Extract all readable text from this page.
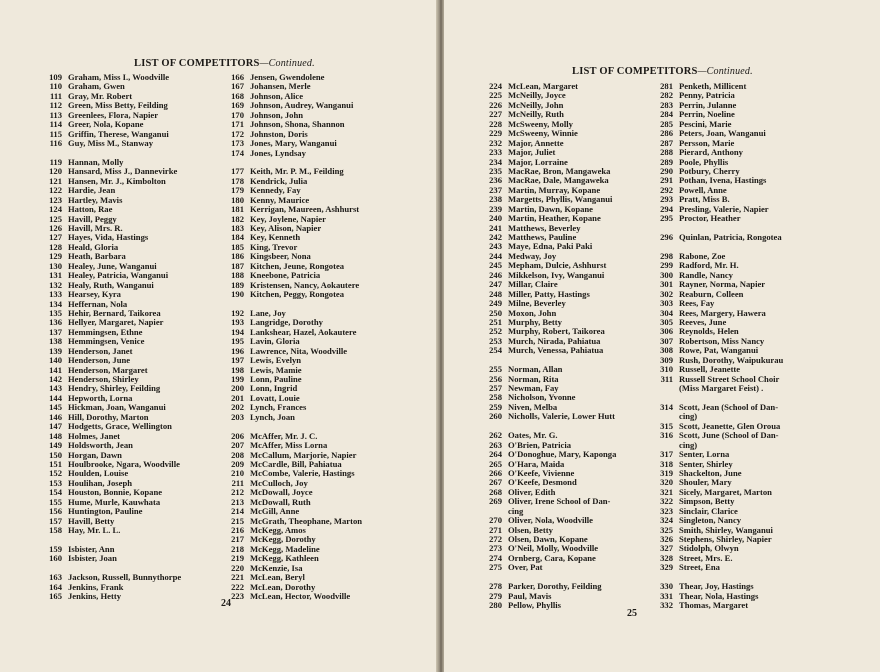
LIST OF COMPETITORS—Continued.
109 Graham, Miss I., Woodville
110 Graham, Gwen
111 Gray, Mr. Robert
112 Green, Miss Betty, Feilding
113 Greenlees, Flora, Napier
114 Greer, Nola, Kopane
115 Griffin, Therese, Wanganui
116 Guy, Miss M., Stanway
119 Hannan, Molly
120 Hansard, Miss J., Dannevirke
121 Hansen, Mr. J., Kimbolton
122 Hardie, Jean
123 Hartley, Mavis
124 Hatton, Rae
125 Havill, Peggy
126 Havill, Mrs. R.
127 Hayes, Vida, Hastings
128 Heald, Gloria
129 Heath, Barbara
130 Healey, June, Wanganui
131 Healey, Patricia, Wanganui
132 Healy, Ruth, Wanganui
133 Hearsey, Kyra
134 Heffernan, Nola
135 Hehir, Bernard, Taikorea
136 Hellyer, Margaret, Napier
137 Hemmingsen, Ethne
138 Hemmingsen, Venice
139 Henderson, Janet
140 Henderson, June
141 Henderson, Margaret
142 Henderson, Shirley
143 Hendry, Shirley, Feilding
144 Hepworth, Lorna
145 Hickman, Joan, Wanganui
146 Hill, Dorothy, Marton
147 Hodgetts, Grace, Wellington
148 Holmes, Janet
149 Holdsworth, Jean
150 Horgan, Dawn
151 Houlbrooke, Ngara, Woodville
152 Houlden, Louise
153 Houlihan, Joseph
154 Houston, Bonnie, Kopane
155 Hume, Murle, Kauwhata
156 Huntington, Pauline
157 Havill, Betty
158 Hay, Mr. L. L.
159 Isbister, Ann
160 Isbister, Joan
163 Jackson, Russell, Bunnythorpe
164 Jenkins, Frank
165 Jenkins, Hetty
166 Jensen, Gwendolene
167 Johansen, Merle
168 Johnson, Alice
169 Johnson, Audrey, Wanganui
170 Johnson, John
171 Johnson, Shona, Shannon
172 Johnston, Doris
173 Jones, Mary, Wanganui
174 Jones, Lyndsay
177 Keith, Mr. P. M., Feilding
178 Kendrick, Julia
179 Kennedy, Fay
180 Kenny, Maurice
181 Kerrigan, Maureen, Ashhurst
182 Key, Joylene, Napier
183 Key, Alison, Napier
184 Key, Kenneth
185 King, Trevor
186 Kingsbeer, Nona
187 Kitchen, Jeune, Rongotea
188 Kneebone, Patricia
189 Kristensen, Nancy, Aokautere
190 Kitchen, Peggy, Rongotea
192 Lane, Joy
193 Langridge, Dorothy
194 Lankshear, Hazel, Aokautere
195 Lavin, Gloria
196 Lawrence, Nita, Woodville
197 Lewis, Evelyn
198 Lewis, Mamie
199 Lonn, Pauline
200 Lonn, Ingrid
201 Lovatt, Louie
202 Lynch, Frances
203 Lynch, Joan
206 McAffer, Mr. J. C.
207 McAffer, Miss Lorna
208 McCallum, Marjorie, Napier
209 McCardle, Bill, Pahiatua
210 McCombe, Valerie, Hastings
211 McCulloch, Joy
212 McDowall, Joyce
213 McDowall, Ruth
214 McGill, Anne
215 McGrath, Theophane, Marton
216 McKegg, Amos
217 McKegg, Dorothy
218 McKegg, Madeline
219 McKegg, Kathleen
220 McKenzie, Isa
221 McLean, Beryl
222 McLean, Dorothy
223 McLean, Hector, Woodville
24
LIST OF COMPETITORS—Continued.
224 McLean, Margaret
225 McNeilly, Joyce
226 McNeilly, John
227 McNeilly, Ruth
228 McSweeny, Molly
229 McSweeny, Winnie
232 Major, Annette
233 Major, Juliet
234 Major, Lorraine
235 MacRae, Bron, Mangaweka
236 MacRae, Dale, Mangaweka
237 Martin, Murray, Kopane
238 Margetts, Phyllis, Wanganui
239 Martin, Dawn, Kopane
240 Martin, Heather, Kopane
241 Matthews, Beverley
242 Matthews, Pauline
243 Maye, Edna, Paki Paki
244 Medway, Joy
245 Mepham, Dulcie, Ashhurst
246 Mikkelson, Ivy, Wanganui
247 Millar, Claire
248 Miller, Patty, Hastings
249 Milne, Beverley
250 Moxon, John
251 Murphy, Betty
252 Murphy, Robert, Taikorea
253 Murch, Nirada, Pahiatua
254 Murch, Venessa, Pahiatua
255 Norman, Allan
256 Norman, Rita
257 Newman, Fay
258 Nicholson, Yvonne
259 Niven, Melba
260 Nicholls, Valerie, Lower Hutt
262 Oates, Mr. G.
263 O'Brien, Patricia
264 O'Donoghue, Mary, Kaponga
265 O'Hara, Maida
266 O'Keefe, Vivienne
267 O'Keefe, Desmond
268 Oliver, Edith
269 Oliver, Irene School of Dan-
cing
270 Oliver, Nola, Woodville
271 Olsen, Betty
272 Olsen, Dawn, Kopane
273 O'Neil, Molly, Woodville
274 Ornberg, Cara, Kopane
275 Over, Pat
278 Parker, Dorothy, Feilding
279 Paul, Mavis
280 Pellow, Phyllis
281 Penketh, Millicent
282 Penny, Patricia
283 Perrin, Julanne
284 Perrin, Noeline
285 Pescini, Marie
286 Peters, Joan, Wanganui
287 Persson, Marie
288 Pierard, Anthony
289 Poole, Phyllis
290 Potbury, Cherry
291 Pothan, Ivena, Hastings
292 Powell, Anne
293 Pratt, Miss B.
294 Presling, Valerie, Napier
295 Proctor, Heather
296 Quinlan, Patricia, Rongotea
298 Rabone, Zoe
299 Radford, Mr. H.
300 Randle, Nancy
301 Rayner, Norma, Napier
302 Reaburn, Colleen
303 Rees, Fay
304 Rees, Margery, Hawera
305 Reeves, June
306 Reynolds, Helen
307 Robertson, Miss Nancy
308 Rowe, Pat, Wanganui
309 Rush, Dorothy, Waipukurau
310 Russell, Jeanette
311 Russell Street School Choir
(Miss Margaret Feist) .
314 Scott, Jean (School of Dan-
cing)
315 Scott, Jeanette, Glen Oroua
316 Scott, June (School of Dan-
cing)
317 Senter, Lorna
318 Senter, Shirley
319 Shackelton, June
320 Shouler, Mary
321 Sicely, Margaret, Marton
322 Simpson, Betty
323 Sinclair, Clarice
324 Singleton, Nancy
325 Smith, Shirley, Wanganui
326 Stephens, Shirley, Napier
327 Stidolph, Olwyn
328 Street, Mrs. E.
329 Street, Ena
330 Thear, Joy, Hastings
331 Thear, Nola, Hastings
332 Thomas, Margaret
25
